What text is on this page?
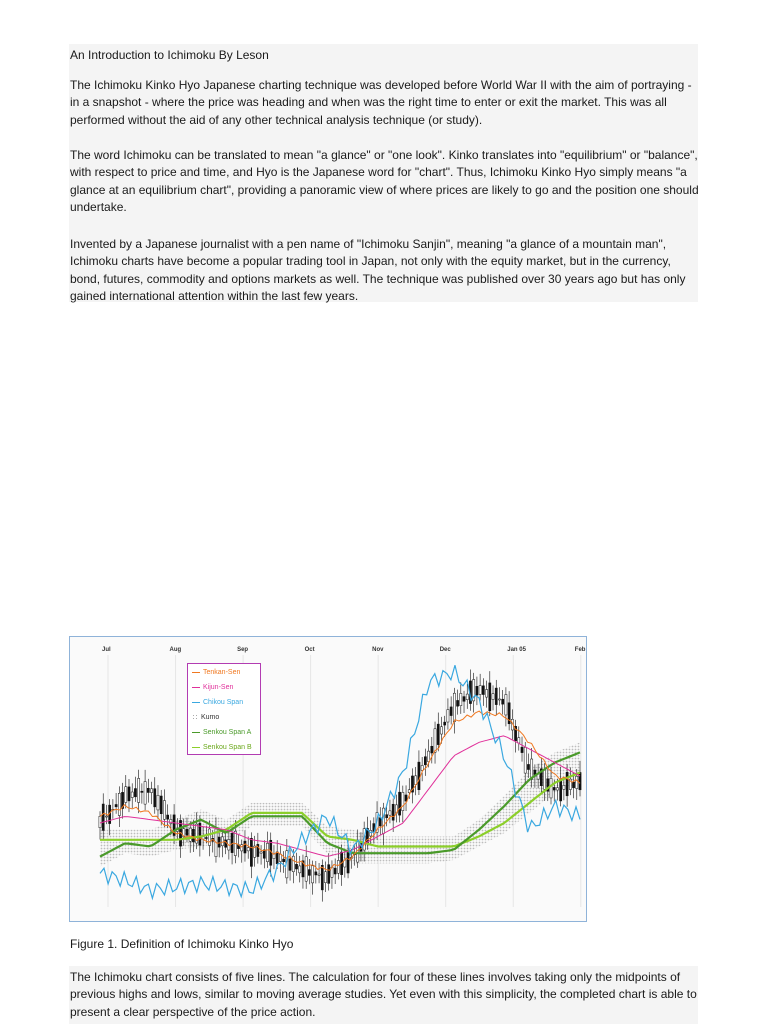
An Introduction to Ichimoku By Leson

The Ichimoku Kinko Hyo Japanese charting technique was developed before World War II with the aim of portraying - in a snapshot - where the price was heading and when was the right time to enter or exit the market. This was all performed without the aid of any other technical analysis technique (or study).

The word Ichimoku can be translated to mean "a glance" or "one look". Kinko translates into "equilibrium" or "balance", with respect to price and time, and Hyo is the Japanese word for "chart". Thus, Ichimoku Kinko Hyo simply means "a glance at an equilibrium chart", providing a panoramic view of where prices are likely to go and the position one should undertake.

Invented by a Japanese journalist with a pen name of "Ichimoku Sanjin", meaning "a glance of a mountain man", Ichimoku charts have become a popular trading tool in Japan, not only with the equity market, but in the currency, bond, futures, commodity and options markets as well. The technique was published over 30 years ago but has only gained international attention within the last few years.

Jul	Aug	Sep	Oct	Nov	Dec	Jan 05	Feb
Tenkan-Sen
Kijun-Sen
Chikou Span
Kumo
Senkou Span A
Senkou Span B
Figure 1. Definition of Ichimoku Kinko Hyo

The Ichimoku chart consists of five lines. The calculation for four of these lines involves taking only the midpoints of previous highs and lows, similar to moving average studies. Yet even with this simplicity, the completed chart is able to present a clear perspective of the price action.
